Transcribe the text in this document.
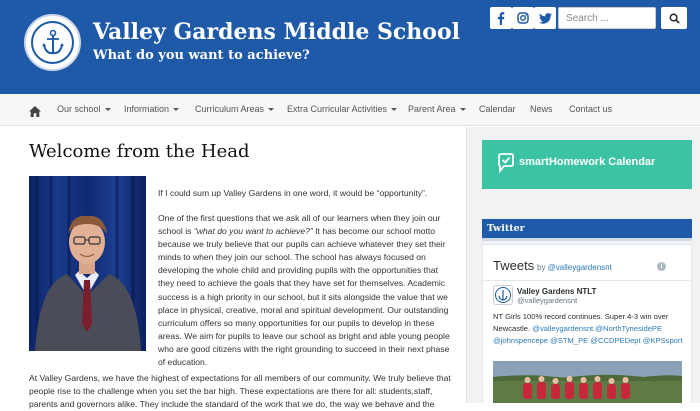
Valley Gardens Middle School
What do you want to achieve?
Search ...
Our school	Information	Curriculum Areas	Extra Curricular Activities	Parent Area	Calendar News Contact us
Welcome from the Head

If I could sum up Valley Gardens in one word, it would be “opportunity”.

One of the first questions that we ask all of our learners when they join our school is “what do you want to achieve?” It has become our school motto because we truly believe that our pupils can achieve whatever they set their minds to when they join our school. The school has always focused on developing the whole child and providing pupils with the opportunities that they need to achieve the goals that they have set for themselves. Academic success is a high priority in our school, but it sits alongside the value that we place in physical, creative, moral and spiritual development. Our outstanding curriculum offers so many opportunities for our pupils to develop in these areas. We aim for pupils to leave our school as bright and able young people who are good citizens with the right grounding to succeed in their next phase of education.

At Valley Gardens, we have the highest of expectations for all members of our community. We truly believe that people rise to the challenge when you set the bar high. These expectations are there for all: students,staff, parents and governors alike. They include the standard of the work that we do, the way we behave and the

smartHomework Calendar
Twitter
Tweets by @valleygardensnt	i
Valley Gardens NTLT
@valleygardensnt
NT Girls 100% record continues. Super 4-3 win over Newcastle. @valleygardensnt @NorthTynesidePE @johnspencepe @STM_PE @CCDPEDept @KPSsport
